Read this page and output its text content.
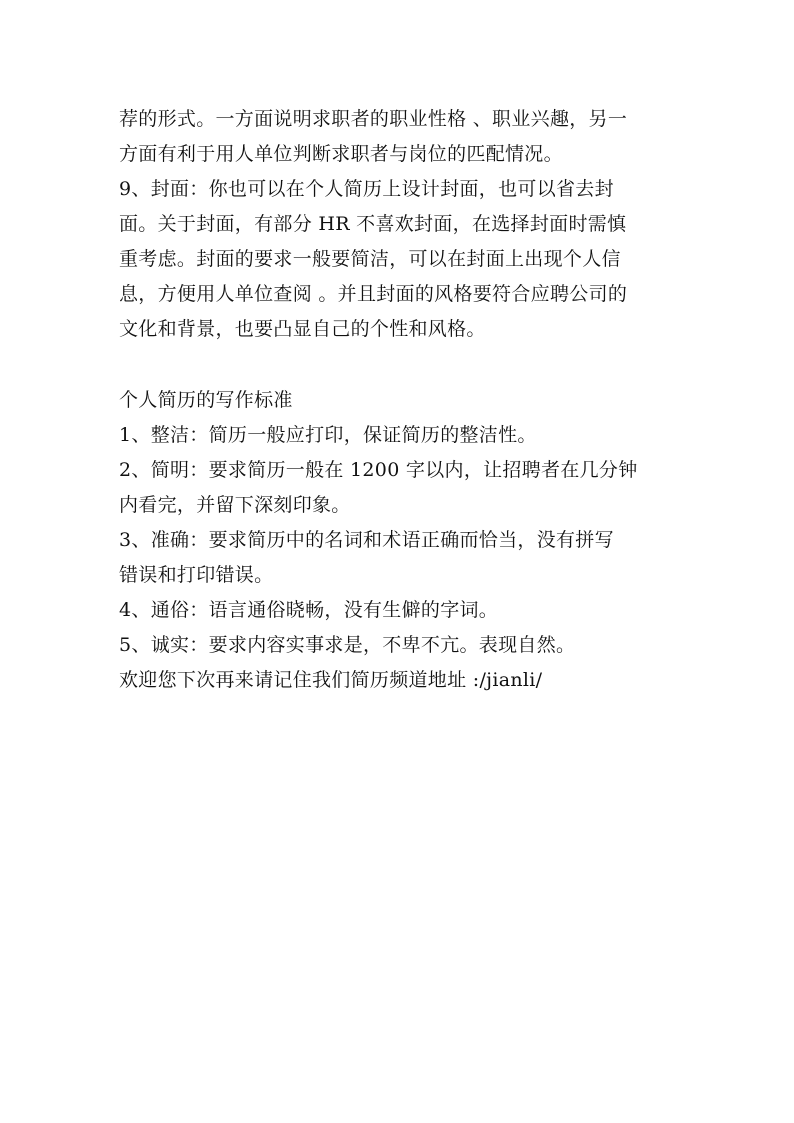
荐的形式。一方面说明求职者的职业性格 、职业兴趣，另一
方面有利于用人单位判断求职者与岗位的匹配情况。
9、封面：你也可以在个人简历上设计封面，也可以省去封
面。关于封面，有部分 HR 不喜欢封面，在选择封面时需慎
重考虑。封面的要求一般要简洁，可以在封面上出现个人信
息，方便用人单位查阅 。并且封面的风格要符合应聘公司的
文化和背景，也要凸显自己的个性和风格。
个人简历的写作标准
1、整洁：简历一般应打印，保证简历的整洁性。
2、简明：要求简历一般在 1200 字以内，让招聘者在几分钟
内看完，并留下深刻印象。
3、准确：要求简历中的名词和术语正确而恰当，没有拼写
错误和打印错误。
4、通俗：语言通俗晓畅，没有生僻的字词。
5、诚实：要求内容实事求是，不卑不亢。表现自然。
欢迎您下次再来请记住我们简历频道地址 :/jianli/
